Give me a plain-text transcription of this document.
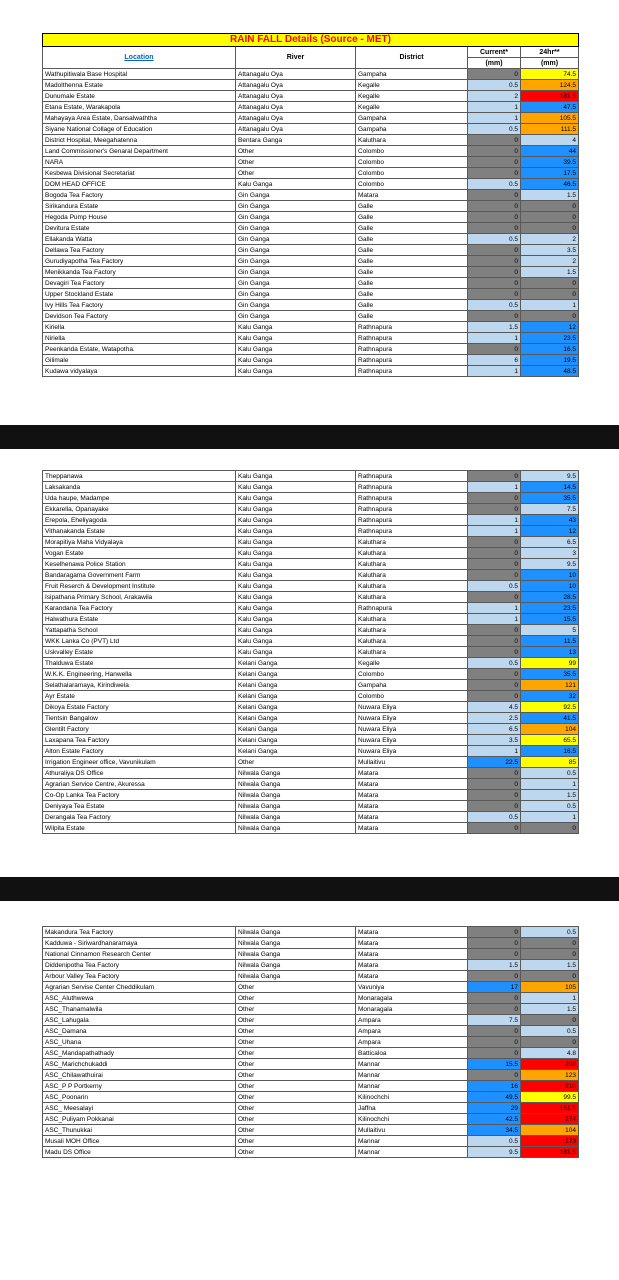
RAIN FALL Details (Source - MET)				
Location	River	District	Current*	24hr**
			(mm)	(mm)
Wathupitiwala Base Hospital	Attanagalu Oya	Gampaha	0	74.5
Madolthenna Estate	Attanagalu Oya	Kegalle	0.5	124.5
Dunumale Estate	Attanagalu Oya	Kegalle	2	181.5
Etana Estate, Warakapola	Attanagalu Oya	Kegalle	1	47.5
Mahayaya Area Estate, Dansalwaththa	Attanagalu Oya	Gampaha	1	105.5
Siyane National Collage of Education	Attanagalu Oya	Gampaha	0.5	111.5
District Hospital, Meegahatenna	Bentara Ganga	Kaluthara	0	4
Land Commissioner's Genaral Department	Other	Colombo	0	44
NARA	Other	Colombo	0	39.5
Kesbewa Divisional Secretariat	Other	Colombo	0	17.5
DOM HEAD OFFICE	Kalu Ganga	Colombo	0.5	46.5
Bogoda Tea Factory	Gin Ganga	Matara	0	1.5
Sirikandura Estate	Gin Ganga	Galle	0	0
Hegoda Pump House	Gin Ganga	Galle	0	0
Devitura Estate	Gin Ganga	Galle	0	0
Ellakanda Watta	Gin Ganga	Galle	0.5	2
Dellawa Tea Factory	Gin Ganga	Galle	0	3.5
Gurudiyapotha Tea Factory	Gin Ganga	Galle	0	2
Menikkanda Tea Factory	Gin Ganga	Galle	0	1.5
Devagiri Tea Factory	Gin Ganga	Galle	0	0
Upper Stockland Estate	Gin Ganga	Galle	0	0
Ivy Hills Tea Factory	Gin Ganga	Galle	0.5	1
Devidson Tea Factory	Gin Ganga	Galle	0	0
Kiriella	Kalu Ganga	Rathnapura	1.5	12
Niriella	Kalu Ganga	Rathnapura	1	23.5
Peenkanda Estate, Watapotha.	Kalu Ganga	Rathnapura	0	16.5
Gilimale	Kalu Ganga	Rathnapura	6	19.5
Kudawa vidyalaya	Kalu Ganga	Rathnapura	1	48.5
Theppanawa	Kalu Ganga	Rathnapura	0	9.5
Laksakanda	Kalu Ganga	Rathnapura	1	14.5
Uda haupe, Madampe	Kalu Ganga	Rathnapura	0	35.5
Ekkarella, Opanayake	Kalu Ganga	Rathnapura	0	7.5
Erepola, Eheliyagoda	Kalu Ganga	Rathnapura	1	43
Vithanakanda Estate	Kalu Ganga	Rathnapura	1	12
Morapitiya Maha Vidyalaya	Kalu Ganga	Kaluthara	0	6.5
Vogan Estate	Kalu Ganga	Kaluthara	0	3
Keselhenawa Police Station	Kalu Ganga	Kaluthara	0	9.5
Bandaragama Government Farm	Kalu Ganga	Kaluthara	0	10
Fruit Reserch & Development Institute	Kalu Ganga	Kaluthara	0.5	10
Isipathana Primary School, Arakawila	Kalu Ganga	Kaluthara	0	28.5
Karandana Tea Factory	Kalu Ganga	Rathnapura	1	23.5
Halwathura Estate	Kalu Ganga	Kaluthara	1	15.5
Yattapatha School	Kalu Ganga	Kaluthara	0	5
WKK Lanka Co (PVT) Ltd	Kalu Ganga	Kaluthara	0	11.5
Uskvalley Estate	Kalu Ganga	Kaluthara	0	13
Thalduwa Estate	Kelani Ganga	Kegalle	0.5	99
W.K.K. Engineering, Hanwella	Kelani Ganga	Colombo	0	35.5
Selathalaramaya, Kirindiwela	Kelani Ganga	Gampaha	0	121
Ayr Estate	Kelani Ganga	Colombo	0	32
Dikoya Estate Factory	Kelani Ganga	Nuwara Eliya	4.5	92.5
Tientsin Bangalow	Kelani Ganga	Nuwara Eliya	2.5	41.5
Glentilt Factory	Kelani Ganga	Nuwara Eliya	6.5	104
Laxapana Tea Factory	Kelani Ganga	Nuwara Eliya	3.5	65.5
Alton Estate Factory	Kelani Ganga	Nuwara Eliya	1	16.5
Irrigation Engineer office, Vavunikulam	Other	Mullaitivu	22.5	85
Athuraliya DS Office	Nilwala Ganga	Matara	0	0.5
Agrarian Service Centre, Akuressa	Nilwala Ganga	Matara	0	1
Co-Op Lanka Tea Factory	Nilwala Ganga	Matara	0	1.5
Deniyaya Tea Estate	Nilwala Ganga	Matara	0	0.5
Derangala Tea Factory	Nilwala Ganga	Matara	0.5	1
Wilpita Estate	Nilwala Ganga	Matara	0	0
Makandura Tea Factory	Nilwala Ganga	Matara	0	0.5
Kadduwa - Siriwardhanaramaya	Nilwala Ganga	Matara	0	0
National Cinnamon Research Center	Nilwala Ganga	Matara	0	0
Diddenipotha Tea Factory	Nilwala Ganga	Matara	1.5	1.5
Arbour Valley Tea Factory	Nilwala Ganga	Matara	0	0
Agrarian Servise Center Cheddikulam	Other	Vavuniya	17	105
ASC_Aluthwewa	Other	Monaragala	0	1
ASC_Thanamalwila	Other	Monaragala	0	1.5
ASC_Lahugala	Other	Ampara	7.5	0
ASC_Damana	Other	Ampara	0	0.5
ASC_Uhana	Other	Ampara	0	0
ASC_Mandapathathady	Other	Batticaloa	0	4.8
ASC_Marichchukaddi	Other	Mannar	15.5	208
ASC_Chilawathuirai	Other	Mannar	0	123
ASC_P P Portkerny	Other	Mannar	16	210
ASC_Poonarin	Other	Kilinochchi	49.5	99.5
ASC_ Meesalayi	Other	Jaffna	29	151.5
ASC_Puliyam Pokkanai	Other	Kilinochchi	42.5	274
ASC_Thunukkai	Other	Mullaitivu	34.5	104
Musali MOH Office	Other	Mannar	0.5	173
Madu DS Office	Other	Mannar	9.5	181.5
